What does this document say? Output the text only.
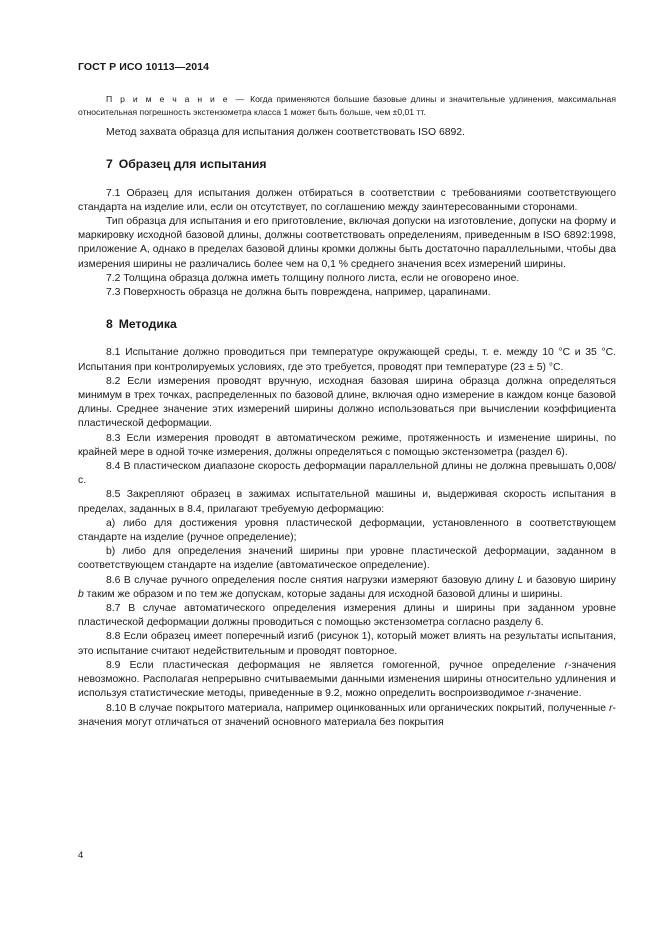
ГОСТ Р ИСО 10113—2014

П р и м е ч а н и е — Когда применяются большие базовые длины и значительные удлинения, максимальная относительная погрешность экстензометра класса 1 может быть больше, чем ±0,01 тт.

Метод захвата образца для испытания должен соответствовать ISO 6892.

7 Образец для испытания

7.1 Образец для испытания должен отбираться в соответствии с требованиями соответствующего стандарта на изделие или, если он отсутствует, по соглашению между заинтересованными сторонами.

Тип образца для испытания и его приготовление, включая допуски на изготовление, допуски на форму и маркировку исходной базовой длины, должны соответствовать определениям, приведенным в ISO 6892:1998, приложение А, однако в пределах базовой длины кромки должны быть достаточно параллельными, чтобы два измерения ширины не различались более чем на 0,1 % среднего значения всех измерений ширины.

7.2 Толщина образца должна иметь толщину полного листа, если не оговорено иное.

7.3 Поверхность образца не должна быть повреждена, например, царапинами.

8 Методика

8.1 Испытание должно проводиться при температуре окружающей среды, т. е. между 10 °С и 35 °С. Испытания при контролируемых условиях, где это требуется, проводят при температуре (23 ± 5) °С.

8.2 Если измерения проводят вручную, исходная базовая ширина образца должна определяться минимум в трех точках, распределенных по базовой длине, включая одно измерение в каждом конце базовой длины. Среднее значение этих измерений ширины должно использоваться при вычислении коэффициента пластической деформации.

8.3 Если измерения проводят в автоматическом режиме, протяженность и изменение ширины, по крайней мере в одной точке измерения, должны определяться с помощью экстензометра (раздел 6).

8.4 В пластическом диапазоне скорость деформации параллельной длины не должна превышать 0,008/с.

8.5 Закрепляют образец в зажимах испытательной машины и, выдерживая скорость испытания в пределах, заданных в 8.4, прилагают требуемую деформацию:

a) либо для достижения уровня пластической деформации, установленного в соответствующем стандарте на изделие (ручное определение);

b) либо для определения значений ширины при уровне пластической деформации, заданном в соответствующем стандарте на изделие (автоматическое определение).

8.6 В случае ручного определения после снятия нагрузки измеряют базовую длину L и базовую ширину b таким же образом и по тем же допускам, которые заданы для исходной базовой длины и ширины.

8.7 В случае автоматического определения измерения длины и ширины при заданном уровне пластической деформации должны проводиться с помощью экстензометра согласно разделу 6.

8.8 Если образец имеет поперечный изгиб (рисунок 1), который может влиять на результаты испытания, это испытание считают недействительным и проводят повторное.

8.9 Если пластическая деформация не является гомогенной, ручное определение r-значения невозможно. Располагая непрерывно считываемыми данными изменения ширины относительно удлинения и используя статистические методы, приведенные в 9.2, можно определить воспроизводимое r-значение.

8.10 В случае покрытого материала, например оцинкованных или органических покрытий, полученные r-значения могут отличаться от значений основного материала без покрытия

4
